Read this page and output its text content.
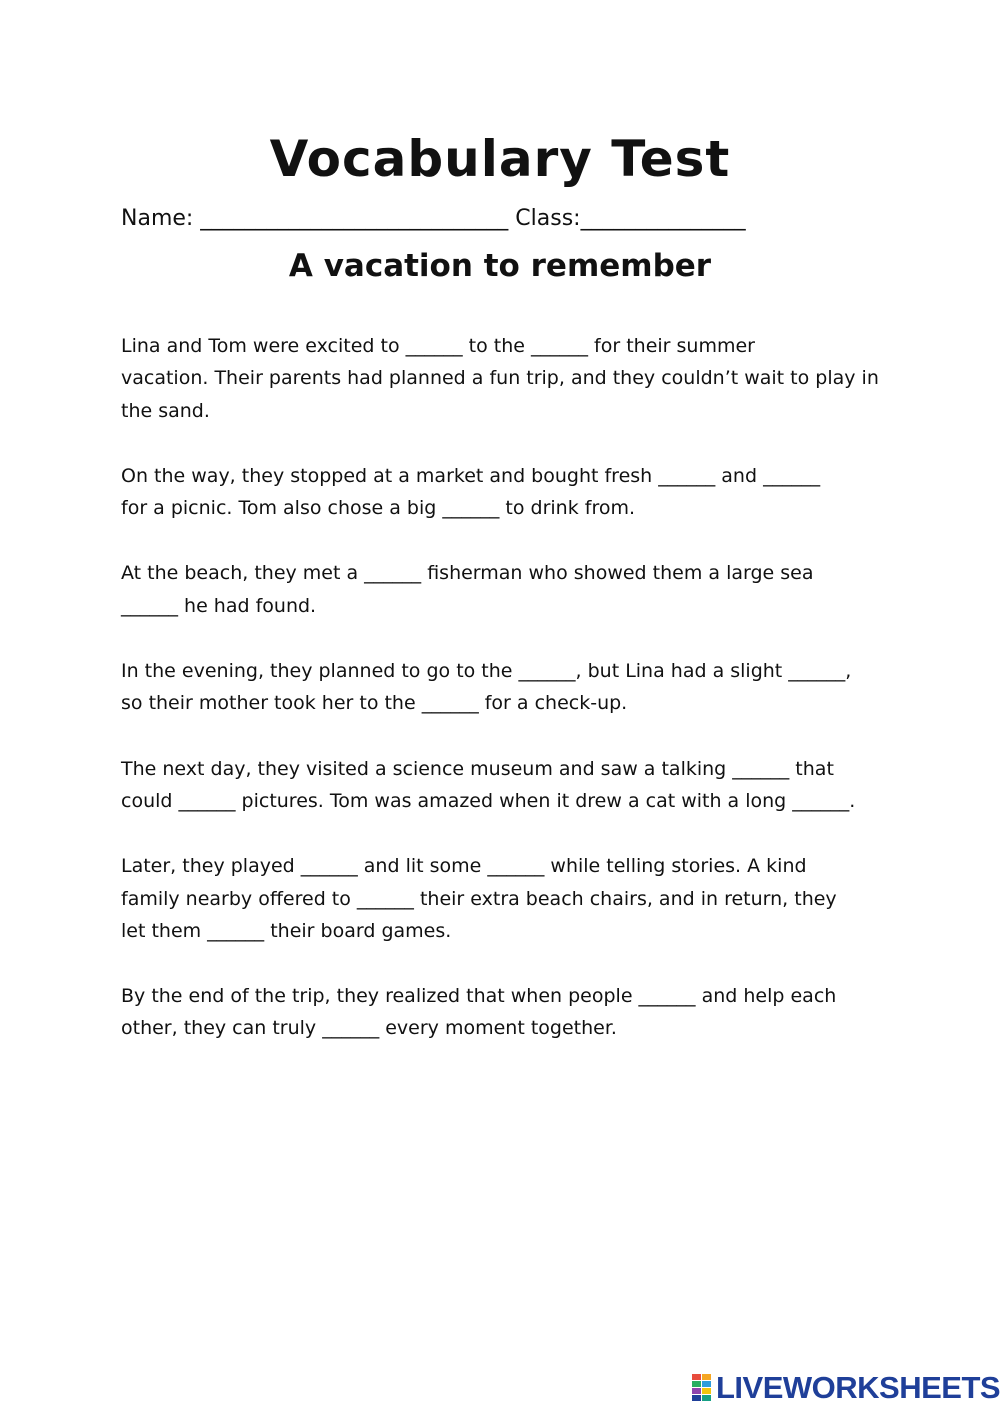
Vocabulary Test
Name: ____________________________ Class:_______________
A vacation to remember

Lina and Tom were excited to ______ to the ______ for their summer
vacation. Their parents had planned a fun trip, and they couldn’t wait to play in
the sand.

On the way, they stopped at a market and bought fresh ______ and ______
for a picnic. Tom also chose a big ______ to drink from.

At the beach, they met a ______ fisherman who showed them a large sea
______ he had found.

In the evening, they planned to go to the ______, but Lina had a slight ______,
so their mother took her to the ______ for a check-up.

The next day, they visited a science museum and saw a talking ______ that
could ______ pictures. Tom was amazed when it drew a cat with a long ______.

Later, they played ______ and lit some ______ while telling stories. A kind
family nearby offered to ______ their extra beach chairs, and in return, they
let them ______ their board games.

By the end of the trip, they realized that when people ______ and help each
other, they can truly ______ every moment together.

LIVEWORKSHEETS
